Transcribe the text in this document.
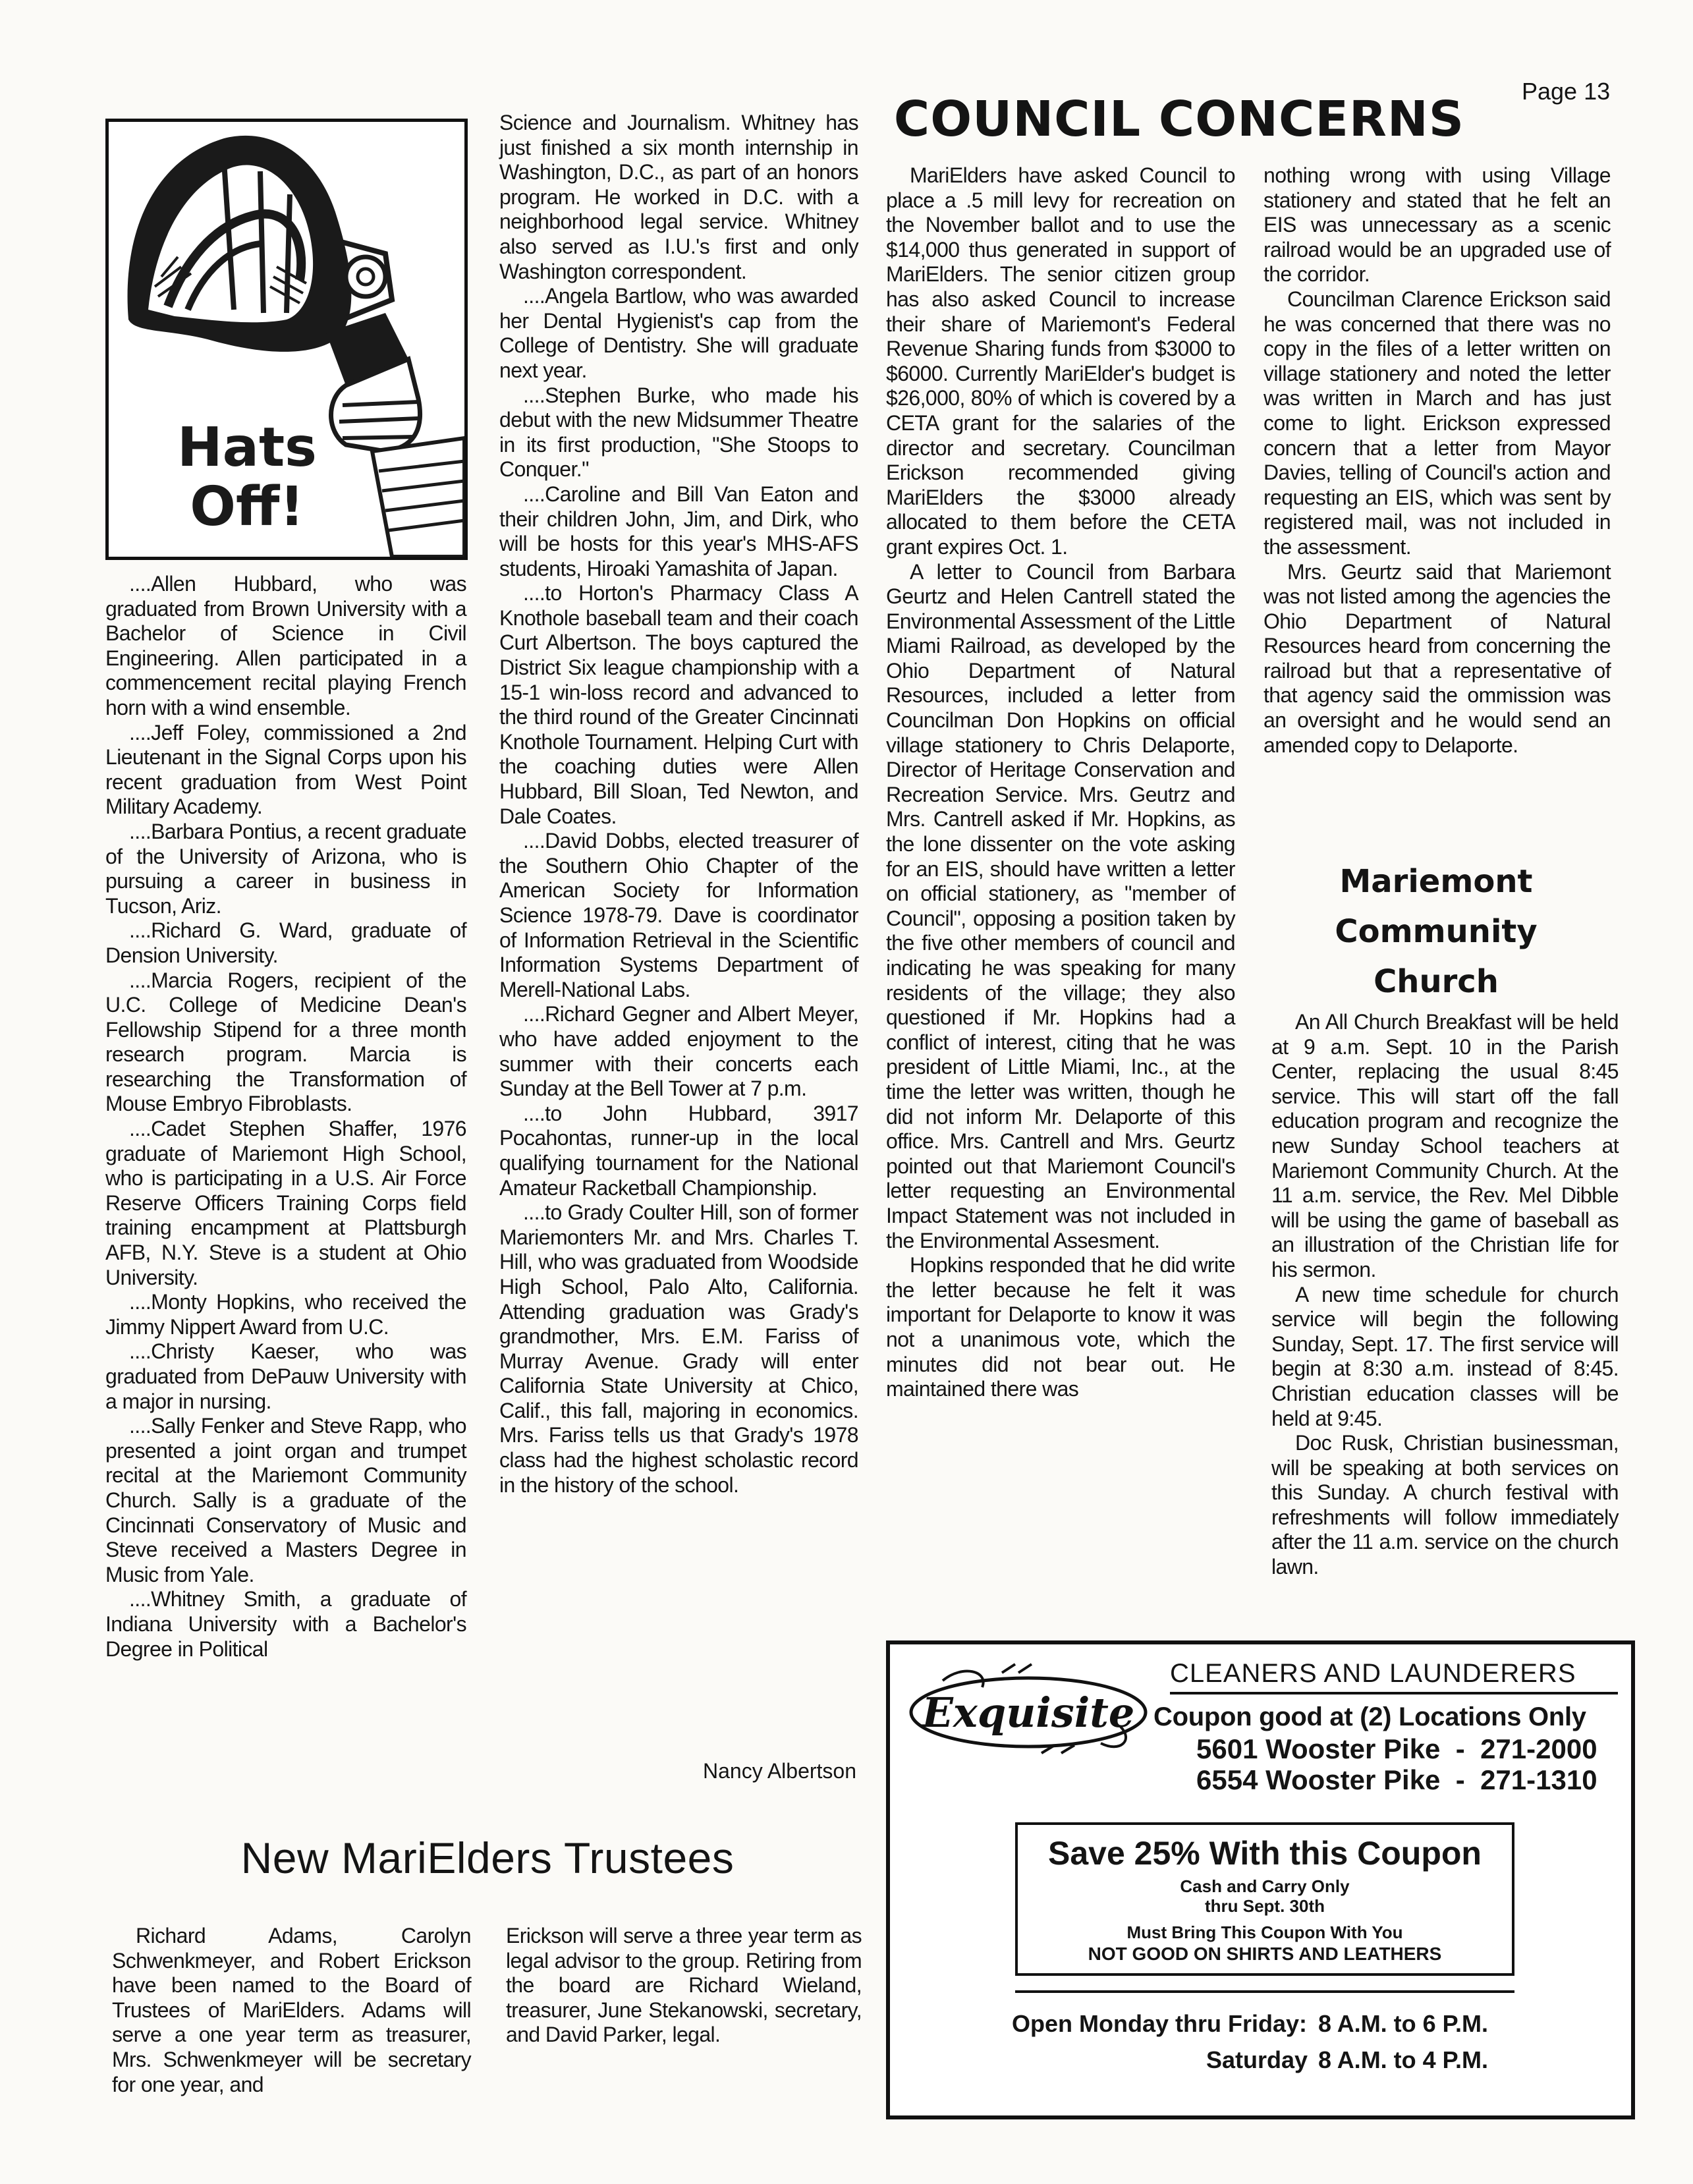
Page 13
Hats
Off!

....Allen Hubbard, who was graduated from Brown University with a Bachelor of Science in Civil Engineering. Allen participated in a commencement recital playing French horn with a wind ensemble.

....Jeff Foley, commissioned a 2nd Lieutenant in the Signal Corps upon his recent graduation from West Point Military Academy.

....Barbara Pontius, a recent graduate of the University of Arizona, who is pursuing a career in business in Tucson, Ariz.

....Richard G. Ward, graduate of Dension University.

....Marcia Rogers, recipient of the U.C. College of Medicine Dean's Fellowship Stipend for a three month research program. Marcia is researching the Transformation of Mouse Embryo Fibroblasts.

....Cadet Stephen Shaffer, 1976 graduate of Mariemont High School, who is participating in a U.S. Air Force Reserve Officers Training Corps field training encampment at Plattsburgh AFB, N.Y. Steve is a student at Ohio University.

....Monty Hopkins, who received the Jimmy Nippert Award from U.C.

....Christy Kaeser, who was graduated from DePauw University with a major in nursing.

....Sally Fenker and Steve Rapp, who presented a joint organ and trumpet recital at the Mariemont Community Church. Sally is a graduate of the Cincinnati Conservatory of Music and Steve received a Masters Degree in Music from Yale.

....Whitney Smith, a graduate of Indiana University with a Bachelor's Degree in Political

Science and Journalism. Whitney has just finished a six month internship in Washington, D.C., as part of an honors program. He worked in D.C. with a neighborhood legal service. Whitney also served as I.U.'s first and only Washington correspondent.

....Angela Bartlow, who was awarded her Dental Hygienist's cap from the College of Dentistry. She will graduate next year.

....Stephen Burke, who made his debut with the new Midsummer Theatre in its first production, "She Stoops to Conquer."

....Caroline and Bill Van Eaton and their children John, Jim, and Dirk, who will be hosts for this year's MHS-AFS students, Hiroaki Yamashita of Japan.

....to Horton's Pharmacy Class A Knothole baseball team and their coach Curt Albertson. The boys captured the District Six league championship with a 15-1 win-loss record and advanced to the third round of the Greater Cincinnati Knothole Tournament. Helping Curt with the coaching duties were Allen Hubbard, Bill Sloan, Ted Newton, and Dale Coates.

....David Dobbs, elected treasurer of the Southern Ohio Chapter of the American Society for Information Science 1978-79. Dave is coordinator of Information Retrieval in the Scientific Information Systems Department of Merell-National Labs.

....Richard Gegner and Albert Meyer, who have added enjoyment to the summer with their concerts each Sunday at the Bell Tower at 7 p.m.

....to John Hubbard, 3917 Pocahontas, runner-up in the local qualifying tournament for the National Amateur Racketball Championship.

....to Grady Coulter Hill, son of former Mariemonters Mr. and Mrs. Charles T. Hill, who was graduated from Woodside High School, Palo Alto, California. Attending graduation was Grady's grandmother, Mrs. E.M. Fariss of Murray Avenue. Grady will enter California State University at Chico, Calif., this fall, majoring in economics. Mrs. Fariss tells us that Grady's 1978 class had the highest scholastic record in the history of the school.

Nancy Albertson
COUNCIL CONCERNS

MariElders have asked Council to place a .5 mill levy for recreation on the November ballot and to use the $14,000 thus generated in support of MariElders. The senior citizen group has also asked Council to increase their share of Mariemont's Federal Revenue Sharing funds from $3000 to $6000. Currently MariElder's budget is $26,000, 80% of which is covered by a CETA grant for the salaries of the director and secretary. Councilman Erickson recommended giving MariElders the $3000 already allocated to them before the CETA grant expires Oct. 1.

A letter to Council from Barbara Geurtz and Helen Cantrell stated the Environmental Assessment of the Little Miami Railroad, as developed by the Ohio Department of Natural Resources, included a letter from Councilman Don Hopkins on official village stationery to Chris Delaporte, Director of Heritage Conservation and Recreation Service. Mrs. Geutrz and Mrs. Cantrell asked if Mr. Hopkins, as the lone dissenter on the vote asking for an EIS, should have written a letter on official stationery, as "member of Council", opposing a position taken by the five other members of council and indicating he was speaking for many residents of the village; they also questioned if Mr. Hopkins had a conflict of interest, citing that he was president of Little Miami, Inc., at the time the letter was written, though he did not inform Mr. Delaporte of this office. Mrs. Cantrell and Mrs. Geurtz pointed out that Mariemont Council's letter requesting an Environmental Impact Statement was not included in the Environmental Assesment.

Hopkins responded that he did write the letter because he felt it was important for Delaporte to know it was not a unanimous vote, which the minutes did not bear out. He maintained there was

nothing wrong with using Village stationery and stated that he felt an EIS was unnecessary as a scenic railroad would be an upgraded use of the corridor.

Councilman Clarence Erickson said he was concerned that there was no copy in the files of a letter written on village stationery and noted the letter was written in March and has just come to light. Erickson expressed concern that a letter from Mayor Davies, telling of Council's action and requesting an EIS, which was sent by registered mail, was not included in the assessment.

Mrs. Geurtz said that Mariemont was not listed among the agencies the Ohio Department of Natural Resources heard from concerning the railroad but that a representative of that agency said the ommission was an oversight and he would send an amended copy to Delaporte.

Mariemont
Community
Church

An All Church Breakfast will be held at 9 a.m. Sept. 10 in the Parish Center, replacing the usual 8:45 service. This will start off the fall education program and recognize the new Sunday School teachers at Mariemont Community Church. At the 11 a.m. service, the Rev. Mel Dibble will be using the game of baseball as an illustration of the Christian life for his sermon.

A new time schedule for church service will begin the following Sunday, Sept. 17. The first service will begin at 8:30 a.m. instead of 8:45. Christian education classes will be held at 9:45.

Doc Rusk, Christian businessman, will be speaking at both services on this Sunday. A church festival with refreshments will follow immediately after the 11 a.m. service on the church lawn.

New MariElders Trustees

Richard Adams, Carolyn Schwenkmeyer, and Robert Erickson have been named to the Board of Trustees of MariElders. Adams will serve a one year term as treasurer, Mrs. Schwenkmeyer will be secretary for one year, and

Erickson will serve a three year term as legal advisor to the group. Retiring from the board are Richard Wieland, treasurer, June Stekanowski, secretary, and David Parker, legal.

Exquisite
CLEANERS AND LAUNDERERS
Coupon good at (2) Locations Only
5601 Wooster Pike  -  271-2000
6554 Wooster Pike  -  271-1310
Save 25% With this Coupon
Cash and Carry Only
thru Sept. 30th
Must Bring This Coupon With You
NOT GOOD ON SHIRTS AND LEATHERS
Open Monday thru Friday: 8 A.M. to 6 P.M.
Saturday 8 A.M. to 4 P.M.
